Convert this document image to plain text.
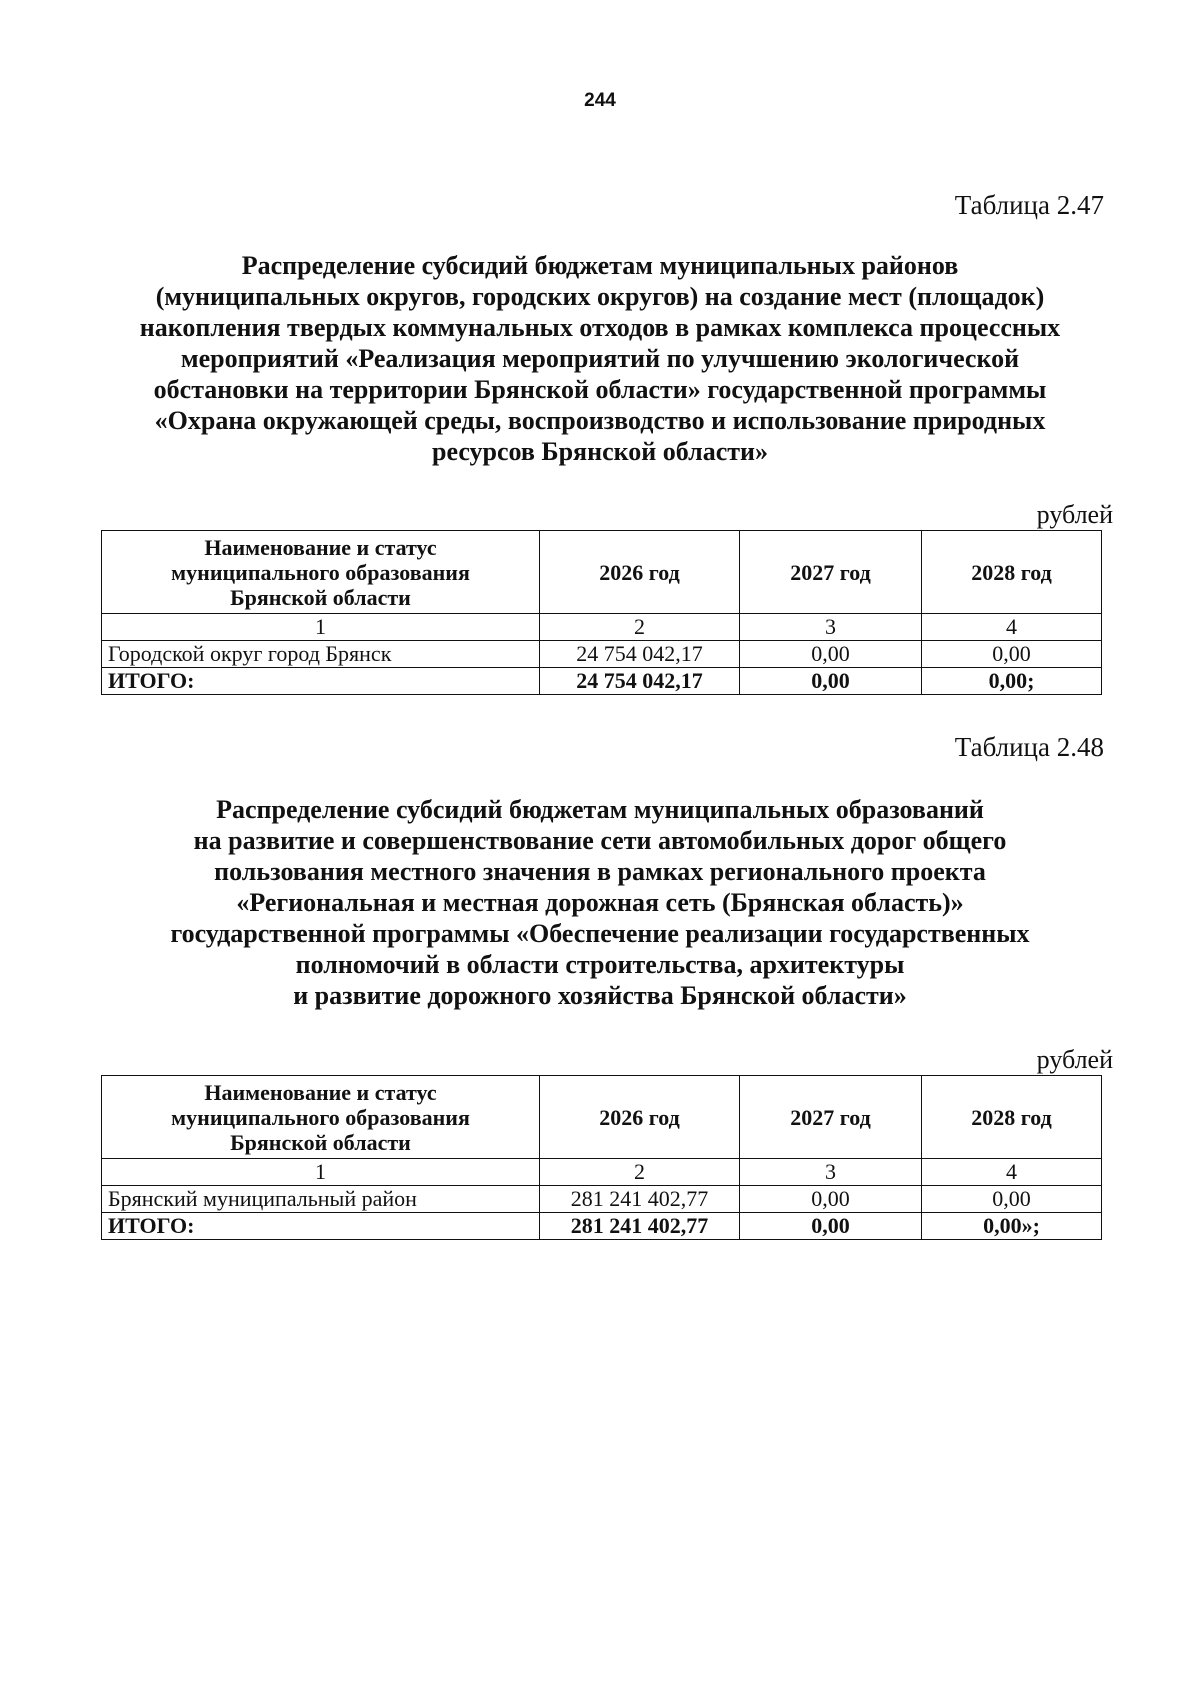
244
Таблица 2.47
Распределение субсидий бюджетам муниципальных районов
(муниципальных округов, городских округов) на создание мест (площадок)
накопления твердых коммунальных отходов в рамках комплекса процессных
мероприятий «Реализация мероприятий по улучшению экологической
обстановки на территории Брянской области» государственной программы
«Охрана окружающей среды, воспроизводство и использование природных
ресурсов Брянской области»
рублей
Наименование и статус
муниципального образования
Брянской области	2026 год	2027 год	2028 год
1	2	3	4
Городской округ город Брянск	24 754 042,17	0,00	0,00
ИТОГО:	24 754 042,17	0,00	0,00;
Таблица 2.48
Распределение субсидий бюджетам муниципальных образований
на развитие и совершенствование сети автомобильных дорог общего
пользования местного значения в рамках регионального проекта
«Региональная и местная дорожная сеть (Брянская область)»
государственной программы «Обеспечение реализации государственных
полномочий в области строительства, архитектуры
и развитие дорожного хозяйства Брянской области»
рублей
Наименование и статус
муниципального образования
Брянской области	2026 год	2027 год	2028 год
1	2	3	4
Брянский муниципальный район	281 241 402,77	0,00	0,00
ИТОГО:	281 241 402,77	0,00	0,00»;
